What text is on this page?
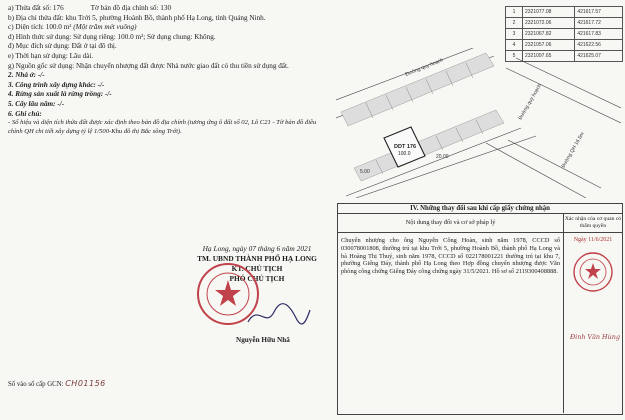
a) Thửa đất số: 176	Tờ bản đồ địa chính số: 130
b) Địa chỉ thửa đất: khu Trới 5, phường Hoành Bồ, thành phố Hạ Long, tỉnh Quảng Ninh.
c) Diện tích: 100.0 m² (Một trăm mét vuông)
d) Hình thức sử dụng: Sử dụng riêng: 100.0 m²; Sử dụng chung: Không.
đ) Mục đích sử dụng: Đất ở tại đô thị.
e) Thời hạn sử dụng: Lâu dài.
g) Nguồn gốc sử dụng: Nhận chuyển nhượng đất được Nhà nước giao đất có thu tiền sử dụng đất.
2. Nhà ở: -/-
3. Công trình xây dựng khác: -/-
4. Rừng sản xuất là rừng trồng: -/-
5. Cây lâu năm: -/-
6. Ghi chú:
- Số hiệu và diện tích thửa đất được xác định theo bản đồ địa chính (tương ứng ô đất số 02, Lô C21 - Tờ bản đồ điều chỉnh QH chi tiết xây dựng tỷ lệ 1/500-Khu đô thị Bắc sông Trới).
1	2321077.08	421617.57
2	2321072.06	421617.72
3	2321067.82	421617.83
4	2321057.06	421622.56
5	2321097.65	421625.07
5.00
DDT 176
100.0	20.00
Đường quy hoạch
Đường quy hoạch
Đường QH 16.5m
Hạ Long, ngày 07 tháng 6 năm 2021
TM. UBND THÀNH PHỐ HẠ LONG
KT. CHỦ TỊCH
PHÓ CHỦ TỊCH
Nguyễn Hữu Nhã
Số vào sổ cấp GCN: CH01156
IV. Những thay đổi sau khi cấp giấy chứng nhận
Nội dung thay đổi và cơ sở pháp lý	Xác nhận của cơ quan có thẩm quyền
Chuyển nhượng cho ông Nguyễn Công Hoàn, sinh năm 1978, CCCD số 030078001808, thường trú tại khu Trới 5, phường Hoành Bồ, thành phố Hạ Long và bà Hoàng Thị Thuý, sinh năm 1978, CCCD số 022178001221 thường trú tại khu 7, phường Giếng Đáy, thành phố Hạ Long theo Hợp đồng chuyển nhượng được Văn phòng công chứng Giếng Đáy công chứng ngày 31/5/2021. Hồ sơ số 2119300408888.
Ngày 11/6/2021
Đinh Văn Hùng
